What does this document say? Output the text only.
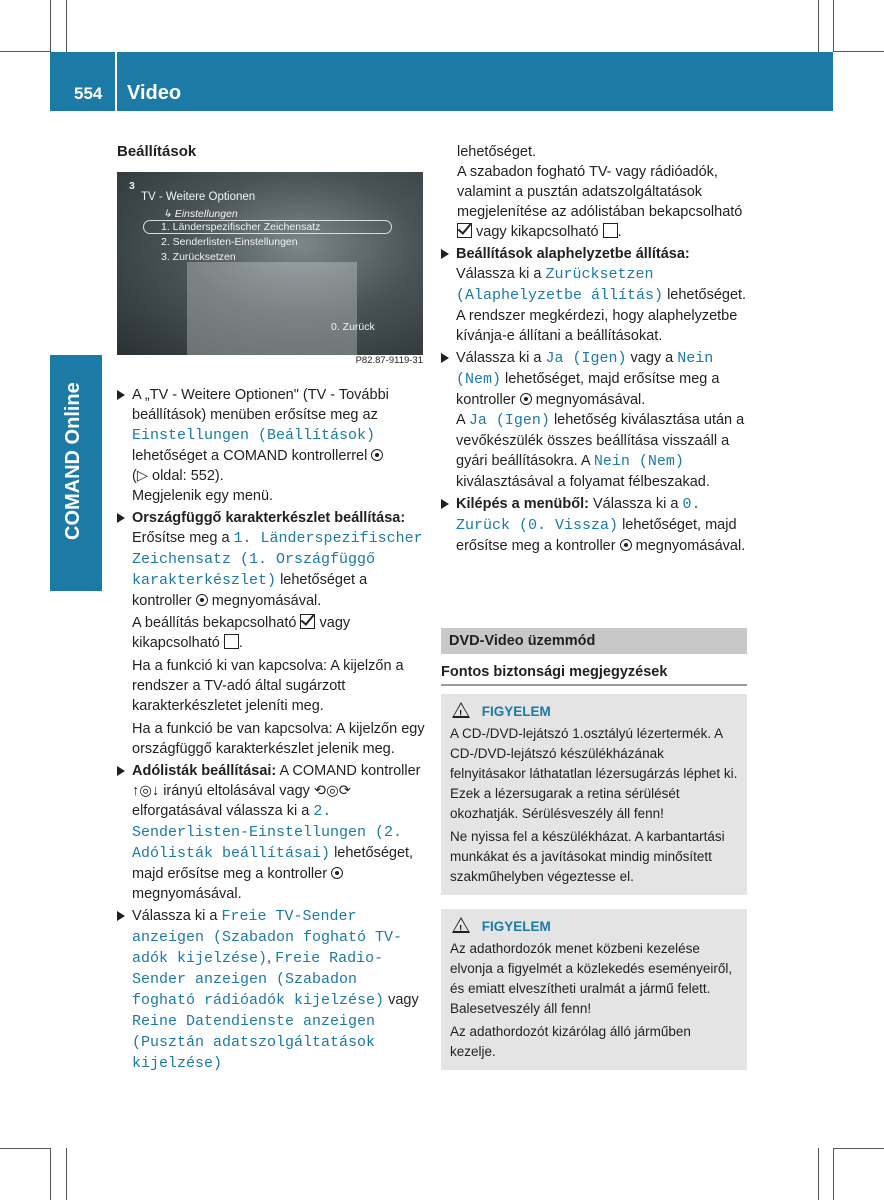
554 Video
COMAND Online

Beállítások

3
TV - Weitere Optionen
↳ Einstellungen
1. Länderspezifischer Zeichensatz
2. Senderlisten-Einstellungen
3. Zurücksetzen
0. Zurück
P82.87-9119-31
A „TV - Weitere Optionen" (TV - További beállítások) menüben erősítse meg az Einstellungen (Beállítások) lehetőséget a COMAND kontrollerrel
(▷ oldal: 552).
Megjelenik egy menü.
Országfüggő karakterkészlet beállítása: Erősítse meg a 1. Länderspezifischer Zeichensatz (1. Országfüggő karakterkészlet) lehetőséget a kontroller megnyomásával.

A beállítás bekapcsolható vagy kikapcsolható .

Ha a funkció ki van kapcsolva: A kijelzőn a rendszer a TV-adó által sugárzott karakterkészletet jeleníti meg.

Ha a funkció be van kapcsolva: A kijelzőn egy országfüggő karakterkészlet jelenik meg.

Adólisták beállításai: A COMAND kontroller ↑◎↓ irányú eltolásával vagy ⟲◎⟳ elforgatásával válassza ki a 2. Senderlisten-Einstellungen (2. Adólisták beállításai) lehetőséget, majd erősítse meg a kontroller  megnyomásával.
Válassza ki a Freie TV-Sender anzeigen (Szabadon fogható TV-adók kijelzése), Freie Radio-Sender anzeigen (Szabadon fogható rádióadók kijelzése) vagy Reine Datendienste anzeigen (Pusztán adatszolgáltatások kijelzése)

lehetőséget.

A szabadon fogható TV- vagy rádióadók, valamint a pusztán adatszolgáltatások megjelenítése az adólistában bekapcsolható  vagy kikapcsolható .

Beállítások alaphelyzetbe állítása: Válassza ki a Zurücksetzen (Alaphelyzetbe állítás) lehetőséget.
A rendszer megkérdezi, hogy alaphelyzetbe kívánja-e állítani a beállításokat.
Válassza ki a Ja (Igen) vagy a Nein (Nem) lehetőséget, majd erősítse meg a kontroller megnyomásával.
A Ja (Igen) lehetőség kiválasztása után a vevőkészülék összes beállítása visszaáll a gyári beállításokra. A Nein (Nem) kiválasztásával a folyamat félbeszakad.
Kilépés a menüből: Válassza ki a 0. Zurück (0. Vissza) lehetőséget, majd erősítse meg a kontroller megnyomásával.
DVD-Video üzemmód
Fontos biztonsági megjegyzések
! FIGYELEM

A CD-/DVD-lejátszó 1.osztályú lézertermék. A CD-/DVD-lejátszó készülékházának felnyitásakor láthatatlan lézersugárzás léphet ki. Ezek a lézersugarak a retina sérülését okozhatják. Sérülésveszély áll fenn!

Ne nyissa fel a készülékházat. A karbantartási munkákat és a javításokat mindig minősített szakműhelyben végeztesse el.

! FIGYELEM

Az adathordozók menet közbeni kezelése elvonja a figyelmét a közlekedés eseményeiről, és emiatt elveszítheti uralmát a jármű felett. Balesetveszély áll fenn!

Az adathordozót kizárólag álló járműben kezelje.
